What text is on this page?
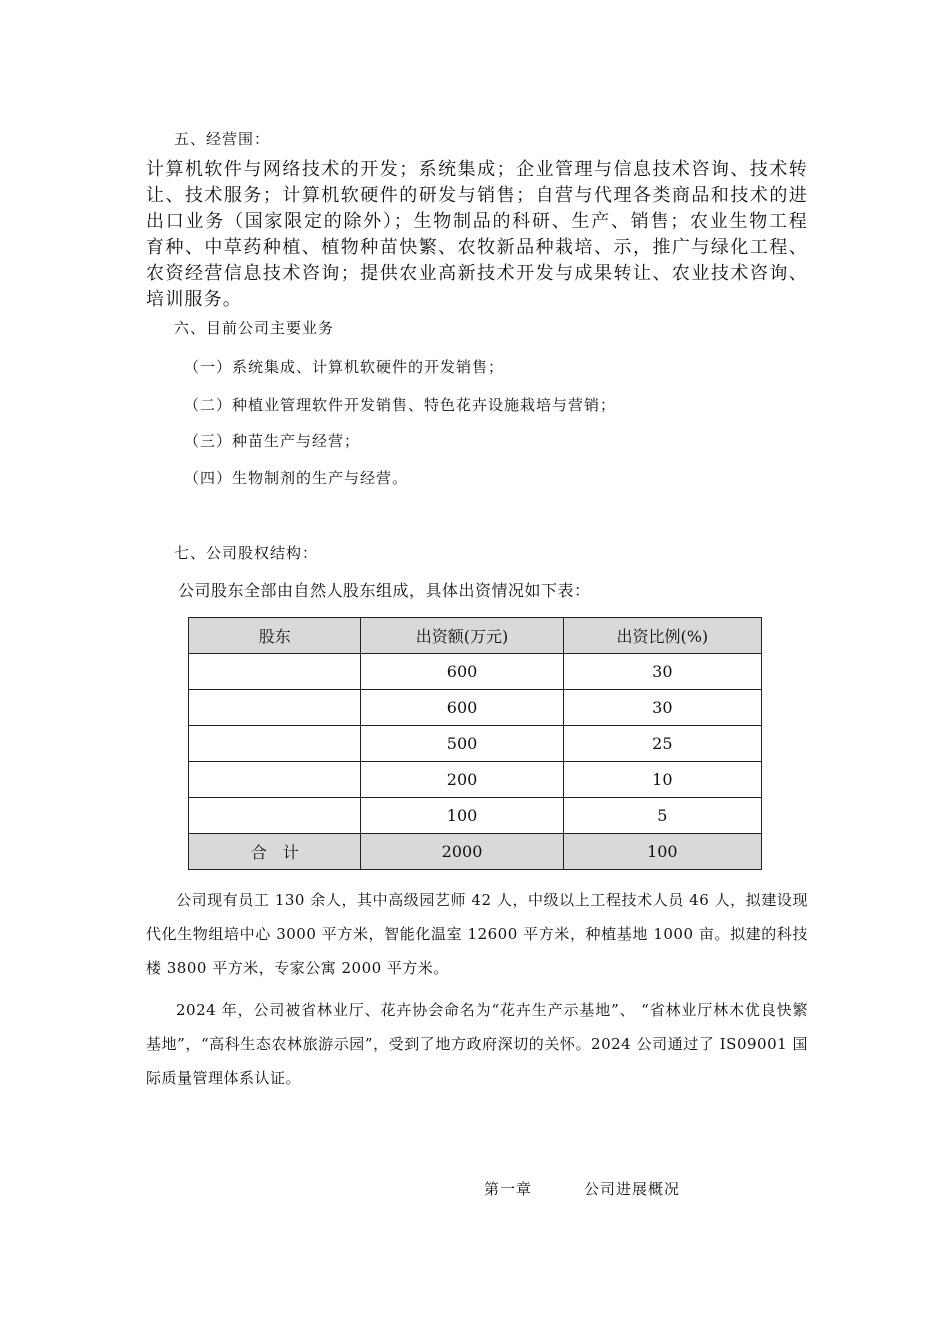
五、经营围：
计算机软件与网络技术的开发；系统集成；企业管理与信息技术咨询、技术转让、技术服务；计算机软硬件的研发与销售；自营与代理各类商品和技术的进出口业务（国家限定的除外）；生物制品的科研、生产、销售；农业生物工程育种、中草药种植、植物种苗快繁、农牧新品种栽培、示，推广与绿化工程、农资经营信息技术咨询；提供农业高新技术开发与成果转让、农业技术咨询、培训服务。
六、目前公司主要业务
（一）系统集成、计算机软硬件的开发销售；
（二）种植业管理软件开发销售、特色花卉设施栽培与营销；
（三）种苗生产与经营；
（四）生物制剂的生产与经营。
七、公司股权结构：
公司股东全部由自然人股东组成，具体出资情况如下表：
股东	出资额(万元)	出资比例(%)
	600	30
	600	30
	500	25
	200	10
	100	5
合　计	2000	100
公司现有员工 130 余人，其中高级园艺师 42 人，中级以上工程技术人员 46 人，拟建设现代化生物组培中心 3000 平方米，智能化温室 12600 平方米，种植基地 1000 亩。拟建的科技楼 3800 平方米，专家公寓 2000 平方米。
2024 年，公司被省林业厅、花卉协会命名为“花卉生产示基地”、 “省林业厅林木优良快繁基地”，“高科生态农林旅游示园”，受到了地方政府深切的关怀。2024 公司通过了 IS09001 国际质量管理体系认证。
第一章	公司进展概况
